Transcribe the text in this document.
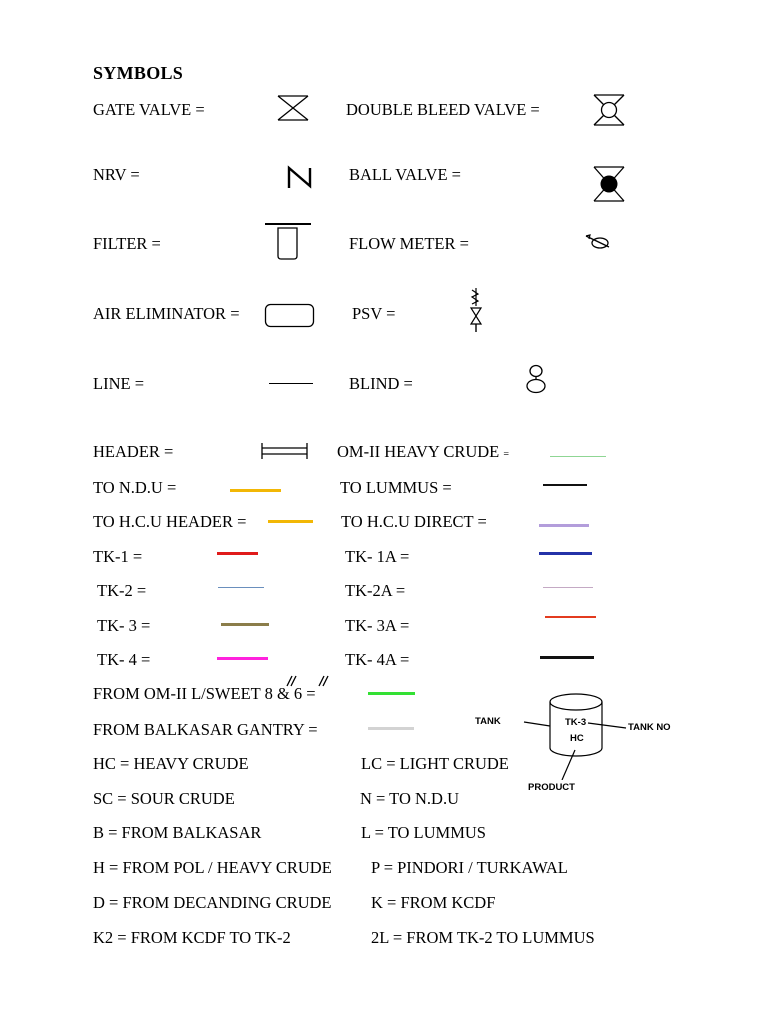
SYMBOLS
GATE VALVE =	DOUBLE BLEED VALVE =
NRV =	BALL VALVE =
FILTER =	FLOW METER =
AIR ELIMINATOR =	PSV =
LINE =	BLIND =
HEADER =	OM-II HEAVY CRUDE =
TO N.D.U =	TO LUMMUS =
TO H.C.U HEADER =	TO H.C.U DIRECT =
TK-1 =	TK- 1A =
TK-2 =	TK-2A =
TK- 3 =	TK- 3A =
TK- 4 =	TK- 4A =
FROM OM-II L/SWEET 8 & 6 =
FROM BALKASAR GANTRY =	TANK	TK-3
HC
TANK NO
PRODUCT
HC = HEAVY CRUDE	LC = LIGHT CRUDE
SC = SOUR CRUDE	N = TO N.D.U
B = FROM BALKASAR	L = TO LUMMUS
H = FROM POL / HEAVY CRUDE P = PINDORI / TURKAWAL
D = FROM DECANDING CRUDE K = FROM KCDF
K2 = FROM KCDF TO TK-2	2L = FROM TK-2 TO LUMMUS
